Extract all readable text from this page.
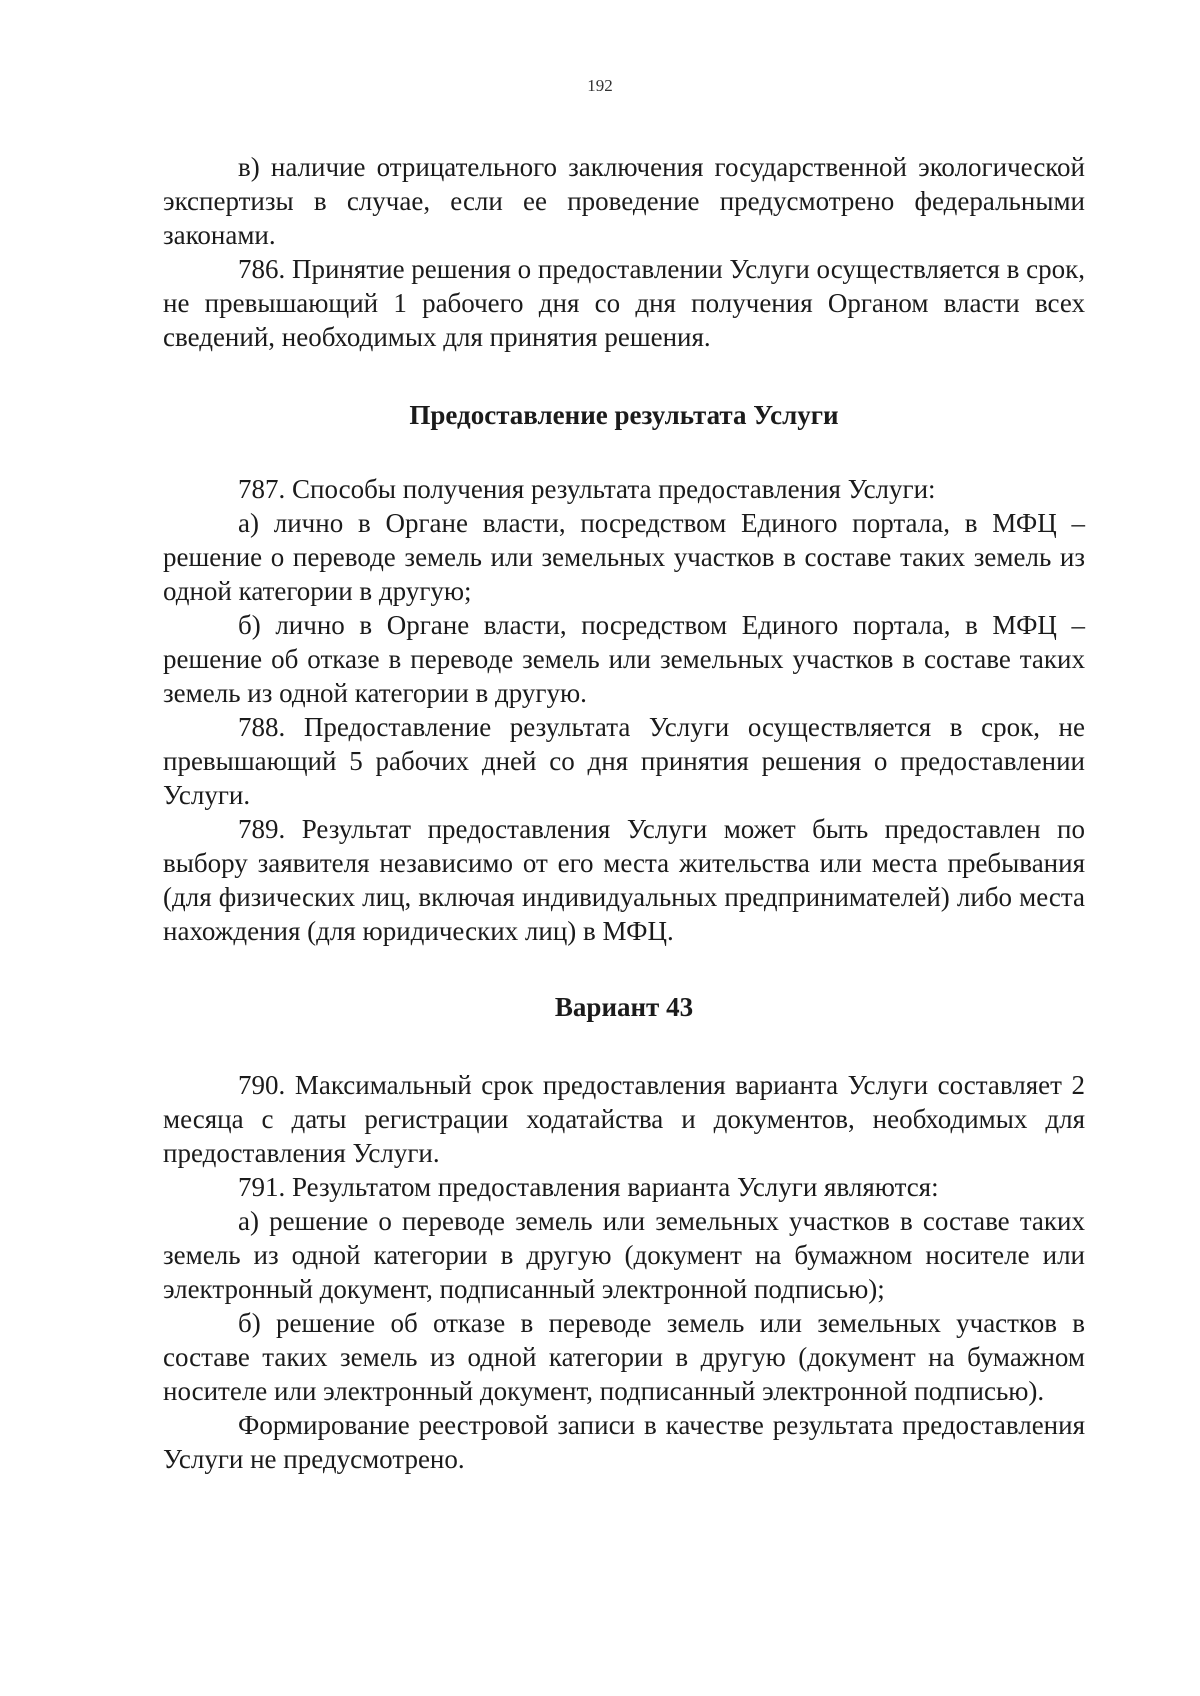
192

в) наличие отрицательного заключения государственной экологической экспертизы в случае, если ее проведение предусмотрено федеральными законами.

786. Принятие решения о предоставлении Услуги осуществляется в срок, не превышающий 1 рабочего дня со дня получения Органом власти всех сведений, необходимых для принятия решения.

Предоставление результата Услуги

787. Способы получения результата предоставления Услуги:

а) лично в Органе власти, посредством Единого портала, в МФЦ – решение о переводе земель или земельных участков в составе таких земель из одной категории в другую;

б) лично в Органе власти, посредством Единого портала, в МФЦ – решение об отказе в переводе земель или земельных участков в составе таких земель из одной категории в другую.

788. Предоставление результата Услуги осуществляется в срок, не превышающий 5 рабочих дней со дня принятия решения о предоставлении Услуги.

789. Результат предоставления Услуги может быть предоставлен по выбору заявителя независимо от его места жительства или места пребывания (для физических лиц, включая индивидуальных предпринимателей) либо места нахождения (для юридических лиц) в МФЦ.

Вариант 43

790. Максимальный срок предоставления варианта Услуги составляет 2 месяца с даты регистрации ходатайства и документов, необходимых для предоставления Услуги.

791. Результатом предоставления варианта Услуги являются:

а) решение о переводе земель или земельных участков в составе таких земель из одной категории в другую (документ на бумажном носителе или электронный документ, подписанный электронной подписью);

б) решение об отказе в переводе земель или земельных участков в составе таких земель из одной категории в другую (документ на бумажном носителе или электронный документ, подписанный электронной подписью).

Формирование реестровой записи в качестве результата предоставления Услуги не предусмотрено.
